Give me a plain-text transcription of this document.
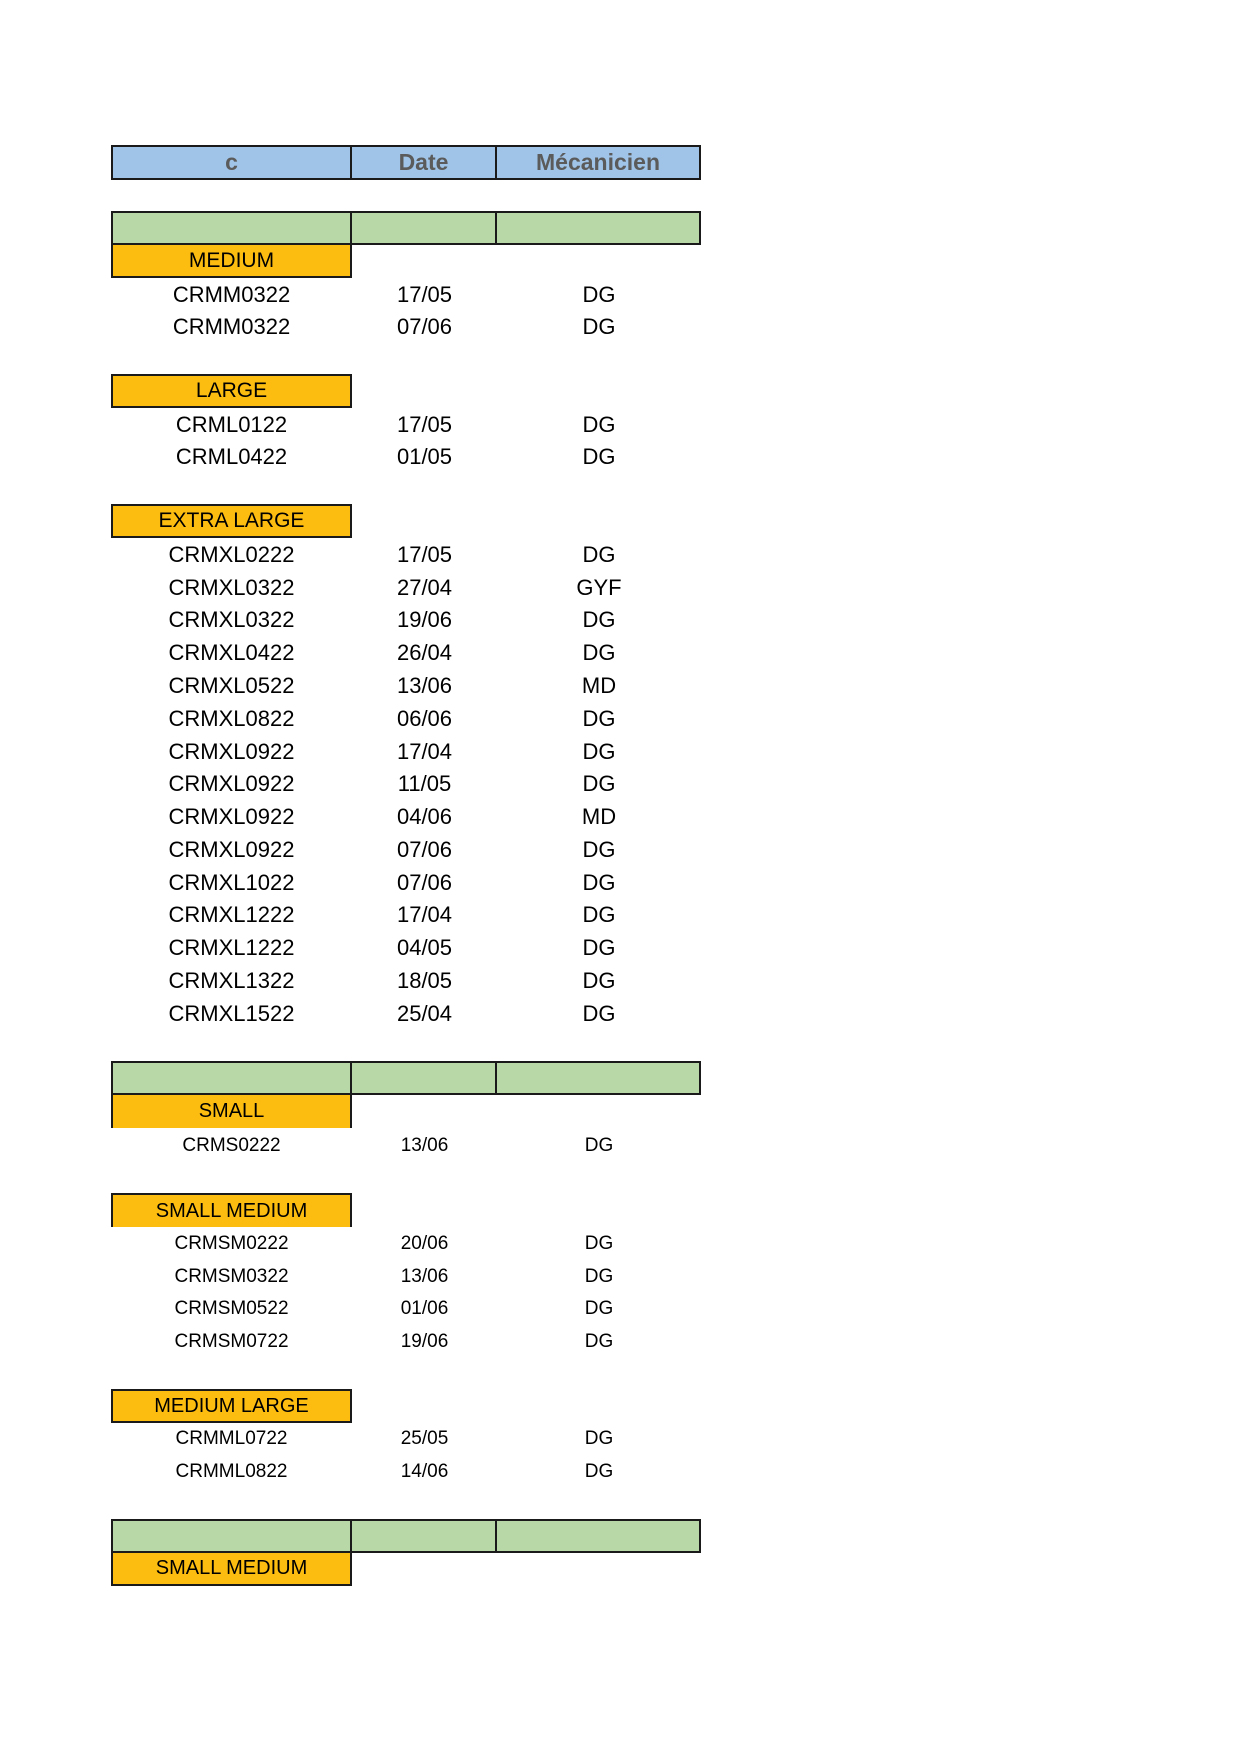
c	Date	Mécanicien
MEDIUM
CRMM0322	17/05	DG
CRMM0322	07/06	DG
LARGE
CRML0122	17/05	DG
CRML0422	01/05	DG
EXTRA LARGE
CRMXL0222	17/05	DG
CRMXL0322	27/04	GYF
CRMXL0322	19/06	DG
CRMXL0422	26/04	DG
CRMXL0522	13/06	MD
CRMXL0822	06/06	DG
CRMXL0922	17/04	DG
CRMXL0922	11/05	DG
CRMXL0922	04/06	MD
CRMXL0922	07/06	DG
CRMXL1022	07/06	DG
CRMXL1222	17/04	DG
CRMXL1222	04/05	DG
CRMXL1322	18/05	DG
CRMXL1522	25/04	DG
SMALL
CRMS0222	13/06	DG
SMALL MEDIUM
CRMSM0222	20/06	DG
CRMSM0322	13/06	DG
CRMSM0522	01/06	DG
CRMSM0722	19/06	DG
MEDIUM LARGE
CRMML0722	25/05	DG
CRMML0822	14/06	DG
SMALL MEDIUM
